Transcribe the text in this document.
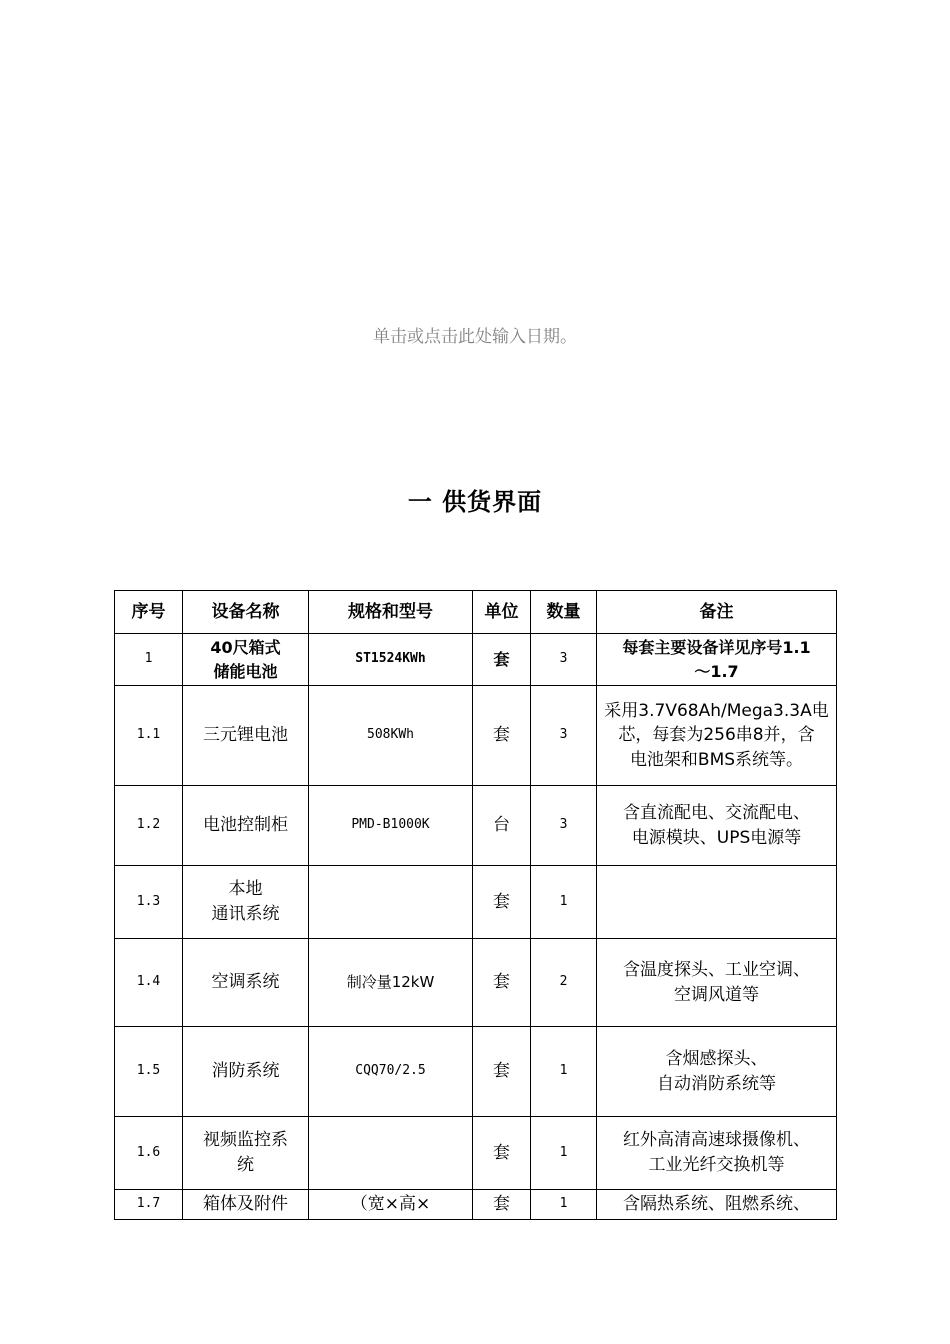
单击或点击此处输入日期。
一 供货界面
序号	设备名称	规格和型号	单位	数量	备注
1	40尺箱式
储能电池	ST1524KWh	套	3	每套主要设备详见序号1.1
～1.7

1.1	三元锂电池	508KWh	套	3	采用3.7V68Ah/Mega3.3A电
芯，每套为256串8并，含
电池架和BMS系统等。

1.2	电池控制柜	PMD-B1000K	台	3	含直流配电、交流配电、
电源模块、UPS电源等

1.3	本地
通讯系统		套	1	
1.4	空调系统	制冷量12kW	套	2	含温度探头、工业空调、
空调风道等

1.5	消防系统	CQQ70/2.5	套	1	含烟感探头、
自动消防系统等

1.6	视频监控系
统		套	1	红外高清高速球摄像机、
工业光纤交换机等

1.7	箱体及附件	（宽×高×	套	1	含隔热系统、阻燃系统、
